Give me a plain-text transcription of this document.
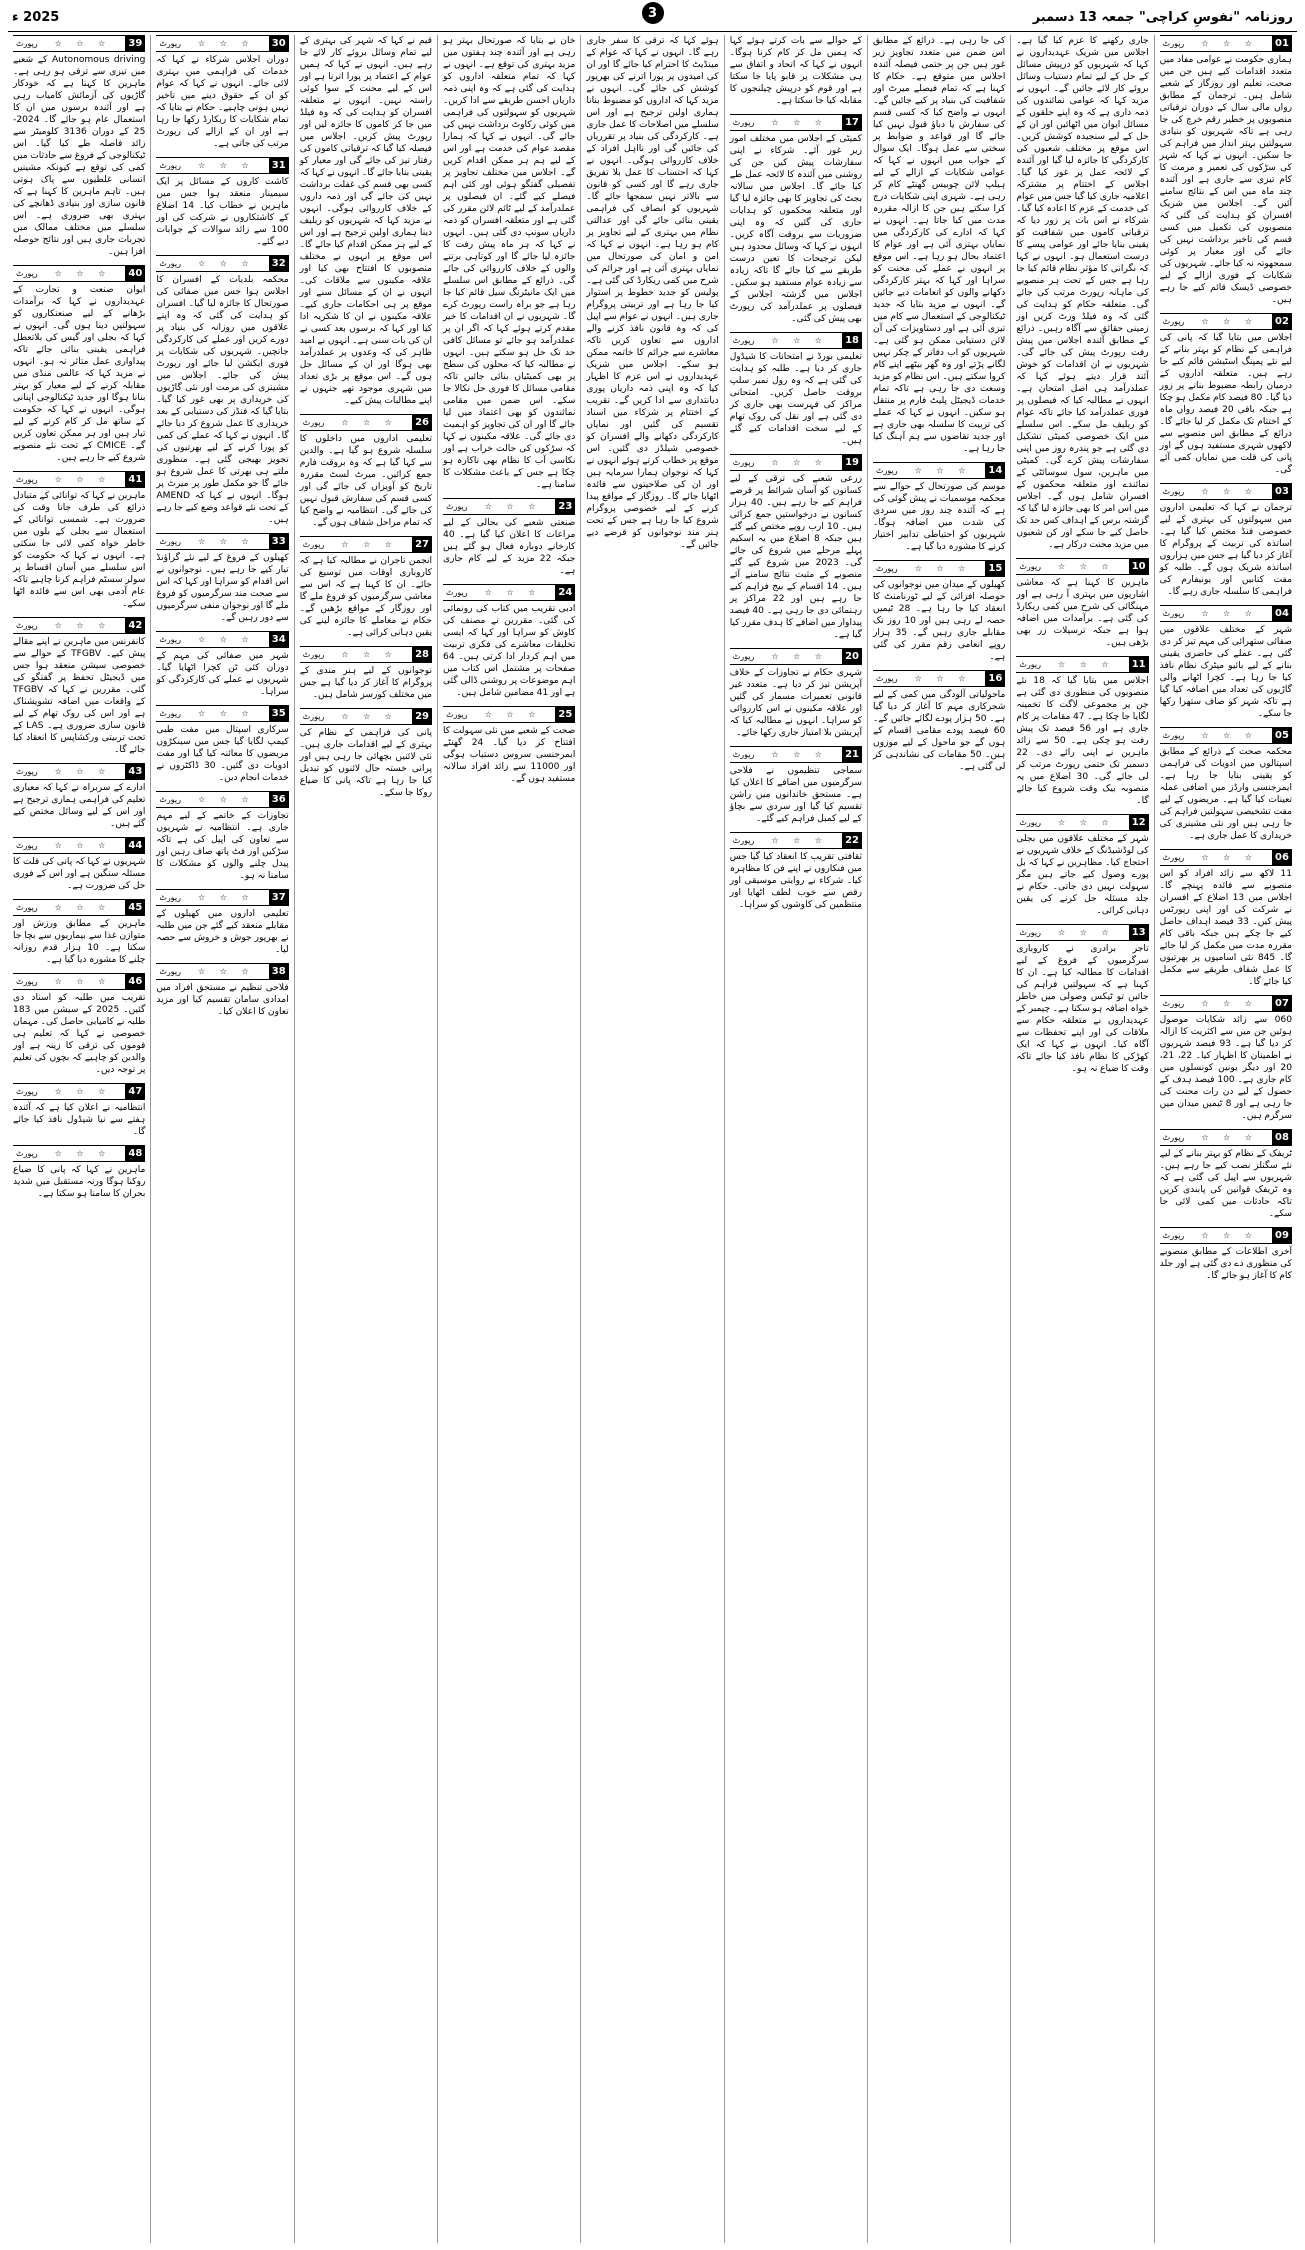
روزنامہ "نفوسِ کراچی" جمعہ 13 دسمبر
2025 ء	3
01
☆ ☆ ☆
رپورٹ
ہماری حکومت نے عوامی مفاد میں متعدد اقدامات کیے ہیں جن میں صحت، تعلیم اور روزگار کے شعبے شامل ہیں۔ ترجمان کے مطابق رواں مالی سال کے دوران ترقیاتی منصوبوں پر خطیر رقم خرچ کی جا رہی ہے تاکہ شہریوں کو بنیادی سہولتیں بہتر انداز میں فراہم کی جا سکیں۔ انہوں نے کہا کہ شہر کی سڑکوں کی تعمیر و مرمت کا کام تیزی سے جاری ہے اور آئندہ چند ماہ میں اس کے نتائج سامنے آئیں گے۔ اجلاس میں شریک افسران کو ہدایت کی گئی کہ منصوبوں کی تکمیل میں کسی قسم کی تاخیر برداشت نہیں کی جائے گی اور معیار پر کوئی سمجھوتہ نہ کیا جائے۔ شہریوں کی شکایات کے فوری ازالے کے لیے خصوصی ڈیسک قائم کیے جا رہے ہیں۔
02
☆ ☆ ☆
رپورٹ
اجلاس میں بتایا گیا کہ پانی کی فراہمی کے نظام کو بہتر بنانے کے لیے نئے پمپنگ اسٹیشن قائم کیے جا رہے ہیں۔ متعلقہ اداروں کے درمیان رابطہ مضبوط بنانے پر زور دیا گیا۔ 80 فیصد کام مکمل ہو چکا ہے جبکہ باقی 20 فیصد رواں ماہ کے اختتام تک مکمل کر لیا جائے گا۔ ذرائع کے مطابق اس منصوبے سے لاکھوں شہری مستفید ہوں گے اور پانی کی قلت میں نمایاں کمی آئے گی۔
03
☆ ☆ ☆
رپورٹ
ترجمان نے کہا کہ تعلیمی اداروں میں سہولتوں کی بہتری کے لیے خصوصی فنڈ مختص کیا گیا ہے۔ اساتذہ کی تربیت کے پروگرام کا آغاز کر دیا گیا ہے جس میں ہزاروں اساتذہ شریک ہوں گے۔ طلبہ کو مفت کتابیں اور یونیفارم کی فراہمی کا سلسلہ جاری رہے گا۔
04
☆ ☆ ☆
رپورٹ
شہر کے مختلف علاقوں میں صفائی ستھرائی کی مہم تیز کر دی گئی ہے۔ عملے کی حاضری یقینی بنانے کے لیے بائیو میٹرک نظام نافذ کیا جا رہا ہے۔ کچرا اٹھانے والی گاڑیوں کی تعداد میں اضافہ کیا گیا ہے تاکہ شہر کو صاف ستھرا رکھا جا سکے۔
05
☆ ☆ ☆
رپورٹ
محکمہ صحت کے ذرائع کے مطابق اسپتالوں میں ادویات کی فراہمی کو یقینی بنایا جا رہا ہے۔ ایمرجنسی وارڈز میں اضافی عملہ تعینات کیا گیا ہے۔ مریضوں کے لیے مفت تشخیصی سہولتیں فراہم کی جا رہی ہیں اور نئی مشینری کی خریداری کا عمل جاری ہے۔
06
☆ ☆ ☆
رپورٹ
11 لاکھ سے زائد افراد کو اس منصوبے سے فائدہ پہنچے گا۔ اجلاس میں 13 اضلاع کے افسران نے شرکت کی اور اپنی رپورٹس پیش کیں۔ 33 فیصد اہداف حاصل کیے جا چکے ہیں جبکہ باقی کام مقررہ مدت میں مکمل کر لیا جائے گا۔ 845 نئی اسامیوں پر بھرتیوں کا عمل شفاف طریقے سے مکمل کیا جائے گا۔
07
☆ ☆ ☆
رپورٹ
060 سے زائد شکایات موصول ہوئیں جن میں سے اکثریت کا ازالہ کر دیا گیا ہے۔ 93 فیصد شہریوں نے اطمینان کا اظہار کیا۔ 22، 21، 20 اور دیگر یونین کونسلوں میں کام جاری ہے۔ 100 فیصد ہدف کے حصول کے لیے دن رات محنت کی جا رہی ہے اور 8 ٹیمیں میدان میں سرگرم ہیں۔
08
☆ ☆ ☆
رپورٹ
ٹریفک کے نظام کو بہتر بنانے کے لیے نئے سگنلز نصب کیے جا رہے ہیں۔ شہریوں سے اپیل کی گئی ہے کہ وہ ٹریفک قوانین کی پابندی کریں تاکہ حادثات میں کمی لائی جا سکے۔
09
☆ ☆ ☆
رپورٹ
آخری اطلاعات کے مطابق منصوبے کی منظوری دے دی گئی ہے اور جلد کام کا آغاز ہو جائے گا۔
جاری رکھنے کا عزم کیا گیا ہے۔ اجلاس میں شریک عہدیداروں نے کہا کہ شہریوں کو درپیش مسائل کے حل کے لیے تمام دستیاب وسائل بروئے کار لائے جائیں گے۔ انہوں نے مزید کہا کہ عوامی نمائندوں کی ذمہ داری ہے کہ وہ اپنے حلقوں کے مسائل ایوان میں اٹھائیں اور ان کے حل کے لیے سنجیدہ کوشش کریں۔ اس موقع پر مختلف شعبوں کی کارکردگی کا جائزہ لیا گیا اور آئندہ کے لائحہ عمل پر غور کیا گیا۔ اجلاس کے اختتام پر مشترکہ اعلامیہ جاری کیا گیا جس میں عوام کی خدمت کے عزم کا اعادہ کیا گیا۔ شرکاء نے اس بات پر زور دیا کہ ترقیاتی کاموں میں شفافیت کو یقینی بنایا جائے اور عوامی پیسے کا درست استعمال ہو۔ انہوں نے کہا کہ نگرانی کا مؤثر نظام قائم کیا جا رہا ہے جس کے تحت ہر منصوبے کی ماہانہ رپورٹ مرتب کی جائے گی۔ متعلقہ حکام کو ہدایت کی گئی کہ وہ فیلڈ وزٹ کریں اور زمینی حقائق سے آگاہ رہیں۔ ذرائع کے مطابق آئندہ اجلاس میں پیش رفت رپورٹ پیش کی جائے گی۔ شہریوں نے ان اقدامات کو خوش آئند قرار دیتے ہوئے کہا کہ عملدرآمد ہی اصل امتحان ہے۔ انہوں نے مطالبہ کیا کہ فیصلوں پر فوری عملدرآمد کیا جائے تاکہ عوام کو ریلیف مل سکے۔ اس سلسلے میں ایک خصوصی کمیٹی تشکیل دی گئی ہے جو پندرہ روز میں اپنی سفارشات پیش کرے گی۔ کمیٹی میں ماہرین، سول سوسائٹی کے نمائندے اور متعلقہ محکموں کے افسران شامل ہوں گے۔ اجلاس میں اس امر کا بھی جائزہ لیا گیا کہ گزشتہ برس کے اہداف کس حد تک حاصل کیے جا سکے اور کن شعبوں میں مزید محنت درکار ہے۔
10
☆ ☆ ☆
رپورٹ
ماہرین کا کہنا ہے کہ معاشی اشاریوں میں بہتری آ رہی ہے اور مہنگائی کی شرح میں کمی ریکارڈ کی گئی ہے۔ برآمدات میں اضافہ ہوا ہے جبکہ ترسیلات زر بھی بڑھی ہیں۔
11
☆ ☆ ☆
رپورٹ
اجلاس میں بتایا گیا کہ 18 نئے منصوبوں کی منظوری دی گئی ہے جن پر مجموعی لاگت کا تخمینہ لگایا جا چکا ہے۔ 47 مقامات پر کام جاری ہے اور 56 فیصد تک پیش رفت ہو چکی ہے۔ 50 سے زائد ماہرین نے اپنی رائے دی۔ 22 دسمبر تک حتمی رپورٹ مرتب کر لی جائے گی۔ 30 اضلاع میں یہ منصوبہ بیک وقت شروع کیا جائے گا۔
12
☆ ☆ ☆
رپورٹ
شہر کے مختلف علاقوں میں بجلی کی لوڈشیڈنگ کے خلاف شہریوں نے احتجاج کیا۔ مظاہرین نے کہا کہ بل پورے وصول کیے جاتے ہیں مگر سہولت نہیں دی جاتی۔ حکام نے جلد مسئلہ حل کرنے کی یقین دہانی کرائی۔
13
☆ ☆ ☆
رپورٹ
تاجر برادری نے کاروباری سرگرمیوں کے فروغ کے لیے اقدامات کا مطالبہ کیا ہے۔ ان کا کہنا ہے کہ سہولتیں فراہم کی جائیں تو ٹیکس وصولی میں خاطر خواہ اضافہ ہو سکتا ہے۔ چیمبر کے عہدیداروں نے متعلقہ حکام سے ملاقات کی اور اپنے تحفظات سے آگاہ کیا۔ انہوں نے کہا کہ ایک کھڑکی کا نظام نافذ کیا جائے تاکہ وقت کا ضیاع نہ ہو۔
کی جا رہی ہے۔ ذرائع کے مطابق اس ضمن میں متعدد تجاویز زیر غور ہیں جن پر حتمی فیصلہ آئندہ اجلاس میں متوقع ہے۔ حکام کا کہنا ہے کہ تمام فیصلے میرٹ اور شفافیت کی بنیاد پر کیے جائیں گے۔ انہوں نے واضح کیا کہ کسی قسم کی سفارش یا دباؤ قبول نہیں کیا جائے گا اور قواعد و ضوابط پر سختی سے عمل ہوگا۔ ایک سوال کے جواب میں انہوں نے کہا کہ عوامی شکایات کے ازالے کے لیے ہیلپ لائن چوبیس گھنٹے کام کر رہی ہے۔ شہری اپنی شکایات درج کرا سکتے ہیں جن کا ازالہ مقررہ مدت میں کیا جاتا ہے۔ انہوں نے کہا کہ ادارے کی کارکردگی میں نمایاں بہتری آئی ہے اور عوام کا اعتماد بحال ہو رہا ہے۔ اس موقع پر انہوں نے عملے کی محنت کو سراہا اور کہا کہ بہتر کارکردگی دکھانے والوں کو انعامات دیے جائیں گے۔ انہوں نے مزید بتایا کہ جدید ٹیکنالوجی کے استعمال سے کام میں تیزی آئی ہے اور دستاویزات کی آن لائن دستیابی ممکن ہو گئی ہے۔ شہریوں کو اب دفاتر کے چکر نہیں لگانے پڑتے اور وہ گھر بیٹھے اپنے کام کروا سکتے ہیں۔ اس نظام کو مزید وسعت دی جا رہی ہے تاکہ تمام خدمات ڈیجیٹل پلیٹ فارم پر منتقل ہو سکیں۔ انہوں نے کہا کہ عملے کی تربیت کا سلسلہ بھی جاری ہے اور جدید تقاضوں سے ہم آہنگ کیا جا رہا ہے۔
14
☆ ☆ ☆
رپورٹ
موسم کی صورتحال کے حوالے سے محکمہ موسمیات نے پیش گوئی کی ہے کہ آئندہ چند روز میں سردی کی شدت میں اضافہ ہوگا۔ شہریوں کو احتیاطی تدابیر اختیار کرنے کا مشورہ دیا گیا ہے۔
15
☆ ☆ ☆
رپورٹ
کھیلوں کے میدان میں نوجوانوں کی حوصلہ افزائی کے لیے ٹورنامنٹ کا انعقاد کیا جا رہا ہے۔ 28 ٹیمیں حصہ لے رہی ہیں اور 10 روز تک مقابلے جاری رہیں گے۔ 35 ہزار روپے انعامی رقم مقرر کی گئی ہے۔
16
☆ ☆ ☆
رپورٹ
ماحولیاتی آلودگی میں کمی کے لیے شجرکاری مہم کا آغاز کر دیا گیا ہے۔ 50 ہزار پودے لگائے جائیں گے۔ 60 فیصد پودے مقامی اقسام کے ہوں گے جو ماحول کے لیے موزوں ہیں۔ 50 مقامات کی نشاندہی کر لی گئی ہے۔
کے حوالے سے بات کرتے ہوئے کہا کہ ہمیں مل کر کام کرنا ہوگا۔ انہوں نے کہا کہ اتحاد و اتفاق سے ہی مشکلات پر قابو پایا جا سکتا ہے اور قوم کو درپیش چیلنجوں کا مقابلہ کیا جا سکتا ہے۔
17
☆ ☆ ☆
رپورٹ
کمیٹی کے اجلاس میں مختلف امور زیر غور آئے۔ شرکاء نے اپنی سفارشات پیش کیں جن کی روشنی میں آئندہ کا لائحہ عمل طے کیا جائے گا۔ اجلاس میں سالانہ بجٹ کی تجاویز کا بھی جائزہ لیا گیا اور متعلقہ محکموں کو ہدایات جاری کی گئیں کہ وہ اپنی ضروریات سے بروقت آگاہ کریں۔ انہوں نے کہا کہ وسائل محدود ہیں لیکن ترجیحات کا تعین درست طریقے سے کیا جائے گا تاکہ زیادہ سے زیادہ عوام مستفید ہو سکیں۔ اجلاس میں گزشتہ اجلاس کے فیصلوں پر عملدرآمد کی رپورٹ بھی پیش کی گئی۔
18
☆ ☆ ☆
رپورٹ
تعلیمی بورڈ نے امتحانات کا شیڈول جاری کر دیا ہے۔ طلبہ کو ہدایت کی گئی ہے کہ وہ رول نمبر سلپ بروقت حاصل کریں۔ امتحانی مراکز کی فہرست بھی جاری کر دی گئی ہے اور نقل کی روک تھام کے لیے سخت اقدامات کیے گئے ہیں۔
19
☆ ☆ ☆
رپورٹ
زرعی شعبے کی ترقی کے لیے کسانوں کو آسان شرائط پر قرضے فراہم کیے جا رہے ہیں۔ 40 ہزار کسانوں نے درخواستیں جمع کرائی ہیں۔ 10 ارب روپے مختص کیے گئے ہیں جبکہ 8 اضلاع میں یہ اسکیم پہلے مرحلے میں شروع کی جائے گی۔ 2023 میں شروع کیے گئے منصوبے کے مثبت نتائج سامنے آئے ہیں۔ 14 اقسام کے بیج فراہم کیے جا رہے ہیں اور 22 مراکز پر رہنمائی دی جا رہی ہے۔ 40 فیصد پیداوار میں اضافے کا ہدف مقرر کیا گیا ہے۔
20
☆ ☆ ☆
رپورٹ
شہری حکام نے تجاوزات کے خلاف آپریشن تیز کر دیا ہے۔ متعدد غیر قانونی تعمیرات مسمار کی گئیں اور علاقہ مکینوں نے اس کارروائی کو سراہا۔ انہوں نے مطالبہ کیا کہ آپریشن بلا امتیاز جاری رکھا جائے۔
21
☆ ☆ ☆
رپورٹ
سماجی تنظیموں نے فلاحی سرگرمیوں میں اضافے کا اعلان کیا ہے۔ مستحق خاندانوں میں راشن تقسیم کیا گیا اور سردی سے بچاؤ کے لیے کمبل فراہم کیے گئے۔
22
☆ ☆ ☆
رپورٹ
ثقافتی تقریب کا انعقاد کیا گیا جس میں فنکاروں نے اپنے فن کا مظاہرہ کیا۔ شرکاء نے روایتی موسیقی اور رقص سے خوب لطف اٹھایا اور منتظمین کی کاوشوں کو سراہا۔
ہوئے کہا کہ ترقی کا سفر جاری رہے گا۔ انہوں نے کہا کہ عوام کے مینڈیٹ کا احترام کیا جائے گا اور ان کی امیدوں پر پورا اترنے کی بھرپور کوشش کی جائے گی۔ انہوں نے مزید کہا کہ اداروں کو مضبوط بنانا ہماری اولین ترجیح ہے اور اس سلسلے میں اصلاحات کا عمل جاری ہے۔ کارکردگی کی بنیاد پر تقرریاں کی جائیں گی اور نااہل افراد کے خلاف کارروائی ہوگی۔ انہوں نے کہا کہ احتساب کا عمل بلا تفریق جاری رہے گا اور کسی کو قانون سے بالاتر نہیں سمجھا جائے گا۔ شہریوں کو انصاف کی فراہمی یقینی بنائی جائے گی اور عدالتی نظام میں بہتری کے لیے تجاویز پر کام ہو رہا ہے۔ انہوں نے کہا کہ امن و امان کی صورتحال میں نمایاں بہتری آئی ہے اور جرائم کی شرح میں کمی ریکارڈ کی گئی ہے۔ پولیس کو جدید خطوط پر استوار کیا جا رہا ہے اور تربیتی پروگرام جاری ہیں۔ انہوں نے عوام سے اپیل کی کہ وہ قانون نافذ کرنے والے اداروں سے تعاون کریں تاکہ معاشرے سے جرائم کا خاتمہ ممکن ہو سکے۔ اجلاس میں شریک عہدیداروں نے اس عزم کا اظہار کیا کہ وہ اپنی ذمہ داریاں پوری دیانتداری سے ادا کریں گے۔ تقریب کے اختتام پر شرکاء میں اسناد تقسیم کی گئیں اور نمایاں کارکردگی دکھانے والے افسران کو خصوصی شیلڈز دی گئیں۔ اس موقع پر خطاب کرتے ہوئے انہوں نے کہا کہ نوجوان ہمارا سرمایہ ہیں اور ان کی صلاحیتوں سے فائدہ اٹھایا جائے گا۔ روزگار کے مواقع پیدا کرنے کے لیے خصوصی پروگرام شروع کیا جا رہا ہے جس کے تحت ہنر مند نوجوانوں کو قرضے دیے جائیں گے۔
خان نے بتایا کہ صورتحال بہتر ہو رہی ہے اور آئندہ چند ہفتوں میں مزید بہتری کی توقع ہے۔ انہوں نے کہا کہ تمام متعلقہ اداروں کو ہدایت کی گئی ہے کہ وہ اپنی ذمہ داریاں احسن طریقے سے ادا کریں۔ شہریوں کو سہولتوں کی فراہمی میں کوئی رکاوٹ برداشت نہیں کی جائے گی۔ انہوں نے کہا کہ ہمارا مقصد عوام کی خدمت ہے اور اس کے لیے ہم ہر ممکن اقدام کریں گے۔ اجلاس میں مختلف تجاویز پر تفصیلی گفتگو ہوئی اور کئی اہم فیصلے کیے گئے۔ ان فیصلوں پر عملدرآمد کے لیے ٹائم لائن مقرر کی گئی ہے اور متعلقہ افسران کو ذمہ داریاں سونپ دی گئی ہیں۔ انہوں نے کہا کہ ہر ماہ پیش رفت کا جائزہ لیا جائے گا اور کوتاہی برتنے والوں کے خلاف کارروائی کی جائے گی۔ ذرائع کے مطابق اس سلسلے میں ایک مانیٹرنگ سیل قائم کیا جا رہا ہے جو براہ راست رپورٹ کرے گا۔ شہریوں نے ان اقدامات کا خیر مقدم کرتے ہوئے کہا کہ اگر ان پر عملدرآمد ہو جائے تو مسائل کافی حد تک حل ہو سکتے ہیں۔ انہوں نے مطالبہ کیا کہ محلوں کی سطح پر بھی کمیٹیاں بنائی جائیں تاکہ مقامی مسائل کا فوری حل نکالا جا سکے۔ اس ضمن میں مقامی نمائندوں کو بھی اعتماد میں لیا جائے گا اور ان کی تجاویز کو اہمیت دی جائے گی۔ علاقہ مکینوں نے کہا کہ سڑکوں کی حالت خراب ہے اور نکاسی آب کا نظام بھی ناکارہ ہو چکا ہے جس کے باعث مشکلات کا سامنا ہے۔
23
☆ ☆ ☆
رپورٹ
صنعتی شعبے کی بحالی کے لیے مراعات کا اعلان کیا گیا ہے۔ 40 کارخانے دوبارہ فعال ہو گئے ہیں جبکہ 22 مزید کے لیے کام جاری ہے۔
24
☆ ☆ ☆
رپورٹ
ادبی تقریب میں کتاب کی رونمائی کی گئی۔ مقررین نے مصنف کی کاوش کو سراہا اور کہا کہ ایسی تخلیقات معاشرے کی فکری تربیت میں اہم کردار ادا کرتی ہیں۔ 64 صفحات پر مشتمل اس کتاب میں اہم موضوعات پر روشنی ڈالی گئی ہے اور 41 مضامین شامل ہیں۔
25
☆ ☆ ☆
رپورٹ
صحت کے شعبے میں نئی سہولت کا افتتاح کر دیا گیا۔ 24 گھنٹے ایمرجنسی سروس دستیاب ہوگی اور 11000 سے زائد افراد سالانہ مستفید ہوں گے۔
قیم نے کہا کہ شہر کی بہتری کے لیے تمام وسائل بروئے کار لائے جا رہے ہیں۔ انہوں نے کہا کہ ہمیں عوام کے اعتماد پر پورا اترنا ہے اور اس کے لیے محنت کے سوا کوئی راستہ نہیں۔ انہوں نے متعلقہ افسران کو ہدایت کی کہ وہ فیلڈ میں جا کر کاموں کا جائزہ لیں اور رپورٹ پیش کریں۔ اجلاس میں فیصلہ کیا گیا کہ ترقیاتی کاموں کی رفتار تیز کی جائے گی اور معیار کو یقینی بنایا جائے گا۔ انہوں نے کہا کہ کسی بھی قسم کی غفلت برداشت نہیں کی جائے گی اور ذمہ داروں کے خلاف کارروائی ہوگی۔ انہوں نے مزید کہا کہ شہریوں کو ریلیف دینا ہماری اولین ترجیح ہے اور اس کے لیے ہر ممکن اقدام کیا جائے گا۔ اس موقع پر انہوں نے مختلف منصوبوں کا افتتاح بھی کیا اور علاقہ مکینوں سے ملاقات کی۔ انہوں نے ان کے مسائل سنے اور موقع پر ہی احکامات جاری کیے۔ علاقہ مکینوں نے ان کا شکریہ ادا کیا اور کہا کہ برسوں بعد کسی نے ان کی بات سنی ہے۔ انہوں نے امید ظاہر کی کہ وعدوں پر عملدرآمد بھی ہوگا اور ان کے مسائل حل ہوں گے۔ اس موقع پر بڑی تعداد میں شہری موجود تھے جنہوں نے اپنے مطالبات پیش کیے۔
26
☆ ☆ ☆
رپورٹ
تعلیمی اداروں میں داخلوں کا سلسلہ شروع ہو گیا ہے۔ والدین سے کہا گیا ہے کہ وہ بروقت فارم جمع کرائیں۔ میرٹ لسٹ مقررہ تاریخ کو آویزاں کی جائے گی اور کسی قسم کی سفارش قبول نہیں کی جائے گی۔ انتظامیہ نے واضح کیا کہ تمام مراحل شفاف ہوں گے۔
27
☆ ☆ ☆
رپورٹ
انجمن تاجران نے مطالبہ کیا ہے کہ کاروباری اوقات میں توسیع کی جائے۔ ان کا کہنا ہے کہ اس سے معاشی سرگرمیوں کو فروغ ملے گا اور روزگار کے مواقع بڑھیں گے۔ حکام نے معاملے کا جائزہ لینے کی یقین دہانی کرائی ہے۔
28
☆ ☆ ☆
رپورٹ
نوجوانوں کے لیے ہنر مندی کے پروگرام کا آغاز کر دیا گیا ہے جس میں مختلف کورسز شامل ہیں۔
29
☆ ☆ ☆
رپورٹ
پانی کی فراہمی کے نظام کی بہتری کے لیے اقدامات جاری ہیں۔ نئی لائنیں بچھائی جا رہی ہیں اور پرانی خستہ حال لائنوں کو تبدیل کیا جا رہا ہے تاکہ پانی کا ضیاع روکا جا سکے۔
30
☆ ☆ ☆
رپورٹ
دوران اجلاس شرکاء نے کہا کہ خدمات کی فراہمی میں بہتری لائی جائے۔ انہوں نے کہا کہ عوام کو ان کے حقوق دینے میں تاخیر نہیں ہونی چاہیے۔ حکام نے بتایا کہ تمام شکایات کا ریکارڈ رکھا جا رہا ہے اور ان کے ازالے کی رپورٹ مرتب کی جاتی ہے۔
31
☆ ☆ ☆
رپورٹ
کاشت کاروں کے مسائل پر ایک سیمینار منعقد ہوا جس میں ماہرین نے خطاب کیا۔ 14 اضلاع کے کاشتکاروں نے شرکت کی اور 100 سے زائد سوالات کے جوابات دیے گئے۔
32
☆ ☆ ☆
رپورٹ
محکمہ بلدیات کے افسران کا اجلاس ہوا جس میں صفائی کی صورتحال کا جائزہ لیا گیا۔ افسران کو ہدایت کی گئی کہ وہ اپنے علاقوں میں روزانہ کی بنیاد پر دورے کریں اور عملے کی کارکردگی جانچیں۔ شہریوں کی شکایات پر فوری ایکشن لیا جائے اور رپورٹ پیش کی جائے۔ اجلاس میں مشینری کی مرمت اور نئی گاڑیوں کی خریداری پر بھی غور کیا گیا۔ بتایا گیا کہ فنڈز کی دستیابی کے بعد خریداری کا عمل شروع کر دیا جائے گا۔ انہوں نے کہا کہ عملے کی کمی کو پورا کرنے کے لیے بھرتیوں کی تجویز بھیجی گئی ہے۔ منظوری ملتے ہی بھرتی کا عمل شروع ہو جائے گا جو مکمل طور پر میرٹ پر ہوگا۔ انہوں نے کہا کہ AMEND کے تحت نئے قواعد وضع کیے جا رہے ہیں۔
33
☆ ☆ ☆
رپورٹ
کھیلوں کے فروغ کے لیے نئے گراؤنڈ تیار کیے جا رہے ہیں۔ نوجوانوں نے اس اقدام کو سراہا اور کہا کہ اس سے صحت مند سرگرمیوں کو فروغ ملے گا اور نوجوان منفی سرگرمیوں سے دور رہیں گے۔
34
☆ ☆ ☆
رپورٹ
شہر میں صفائی کی مہم کے دوران کئی ٹن کچرا اٹھایا گیا۔ شہریوں نے عملے کی کارکردگی کو سراہا۔
35
☆ ☆ ☆
رپورٹ
سرکاری اسپتال میں مفت طبی کیمپ لگایا گیا جس میں سینکڑوں مریضوں کا معائنہ کیا گیا اور مفت ادویات دی گئیں۔ 30 ڈاکٹروں نے خدمات انجام دیں۔
36
☆ ☆ ☆
رپورٹ
تجاوزات کے خاتمے کے لیے مہم جاری ہے۔ انتظامیہ نے شہریوں سے تعاون کی اپیل کی ہے تاکہ سڑکیں اور فٹ پاتھ صاف رہیں اور پیدل چلنے والوں کو مشکلات کا سامنا نہ ہو۔
37
☆ ☆ ☆
رپورٹ
تعلیمی اداروں میں کھیلوں کے مقابلے منعقد کیے گئے جن میں طلبہ نے بھرپور جوش و خروش سے حصہ لیا۔
38
☆ ☆ ☆
رپورٹ
فلاحی تنظیم نے مستحق افراد میں امدادی سامان تقسیم کیا اور مزید تعاون کا اعلان کیا۔
39
☆ ☆ ☆
رپورٹ
Autonomous driving کے شعبے میں تیزی سے ترقی ہو رہی ہے۔ ماہرین کا کہنا ہے کہ خودکار گاڑیوں کی آزمائش کامیاب رہی ہے اور آئندہ برسوں میں ان کا استعمال عام ہو جائے گا۔ 2024-25 کے دوران 3136 کلومیٹر سے زائد فاصلہ طے کیا گیا۔ اس ٹیکنالوجی کے فروغ سے حادثات میں کمی کی توقع ہے کیونکہ مشینیں انسانی غلطیوں سے پاک ہوتی ہیں۔ تاہم ماہرین کا کہنا ہے کہ قانون سازی اور بنیادی ڈھانچے کی بہتری بھی ضروری ہے۔ اس سلسلے میں مختلف ممالک میں تجربات جاری ہیں اور نتائج حوصلہ افزا ہیں۔
40
☆ ☆ ☆
رپورٹ
ایوان صنعت و تجارت کے عہدیداروں نے کہا کہ برآمدات بڑھانے کے لیے صنعتکاروں کو سہولتیں دینا ہوں گی۔ انہوں نے کہا کہ بجلی اور گیس کی بلاتعطل فراہمی یقینی بنائی جائے تاکہ پیداواری عمل متاثر نہ ہو۔ انہوں نے مزید کہا کہ عالمی منڈی میں مقابلہ کرنے کے لیے معیار کو بہتر بنانا ہوگا اور جدید ٹیکنالوجی اپنانی ہوگی۔ انہوں نے کہا کہ حکومت کے ساتھ مل کر کام کرنے کے لیے تیار ہیں اور ہر ممکن تعاون کریں گے۔ CMICE کے تحت نئے منصوبے شروع کیے جا رہے ہیں۔
41
☆ ☆ ☆
رپورٹ
ماہرین نے کہا کہ توانائی کے متبادل ذرائع کی طرف جانا وقت کی ضرورت ہے۔ شمسی توانائی کے استعمال سے بجلی کے بلوں میں خاطر خواہ کمی لائی جا سکتی ہے۔ انہوں نے کہا کہ حکومت کو اس سلسلے میں آسان اقساط پر سولر سسٹم فراہم کرنا چاہیے تاکہ عام آدمی بھی اس سے فائدہ اٹھا سکے۔
42
☆ ☆ ☆
رپورٹ
کانفرنس میں ماہرین نے اپنے مقالے پیش کیے۔ TFGBV کے حوالے سے خصوصی سیشن منعقد ہوا جس میں ڈیجیٹل تحفظ پر گفتگو کی گئی۔ مقررین نے کہا کہ TFGBV کے واقعات میں اضافہ تشویشناک ہے اور اس کی روک تھام کے لیے قانون سازی ضروری ہے۔ LAS کے تحت تربیتی ورکشاپس کا انعقاد کیا جائے گا۔
43
☆ ☆ ☆
رپورٹ
ادارے کے سربراہ نے کہا کہ معیاری تعلیم کی فراہمی ہماری ترجیح ہے اور اس کے لیے وسائل مختص کیے گئے ہیں۔
44
☆ ☆ ☆
رپورٹ
شہریوں نے کہا کہ پانی کی قلت کا مسئلہ سنگین ہے اور اس کے فوری حل کی ضرورت ہے۔
45
☆ ☆ ☆
رپورٹ
ماہرین کے مطابق ورزش اور متوازن غذا سے بیماریوں سے بچا جا سکتا ہے۔ 10 ہزار قدم روزانہ چلنے کا مشورہ دیا گیا ہے۔
46
☆ ☆ ☆
رپورٹ
تقریب میں طلبہ کو اسناد دی گئیں۔ 2025 کے سیشن میں 183 طلبہ نے کامیابی حاصل کی۔ مہمان خصوصی نے کہا کہ تعلیم ہی قوموں کی ترقی کا زینہ ہے اور والدین کو چاہیے کہ بچوں کی تعلیم پر توجہ دیں۔
47
☆ ☆ ☆
رپورٹ
انتظامیہ نے اعلان کیا ہے کہ آئندہ ہفتے سے نیا شیڈول نافذ کیا جائے گا۔
48
☆ ☆ ☆
رپورٹ
ماہرین نے کہا کہ پانی کا ضیاع روکنا ہوگا ورنہ مستقبل میں شدید بحران کا سامنا ہو سکتا ہے۔
